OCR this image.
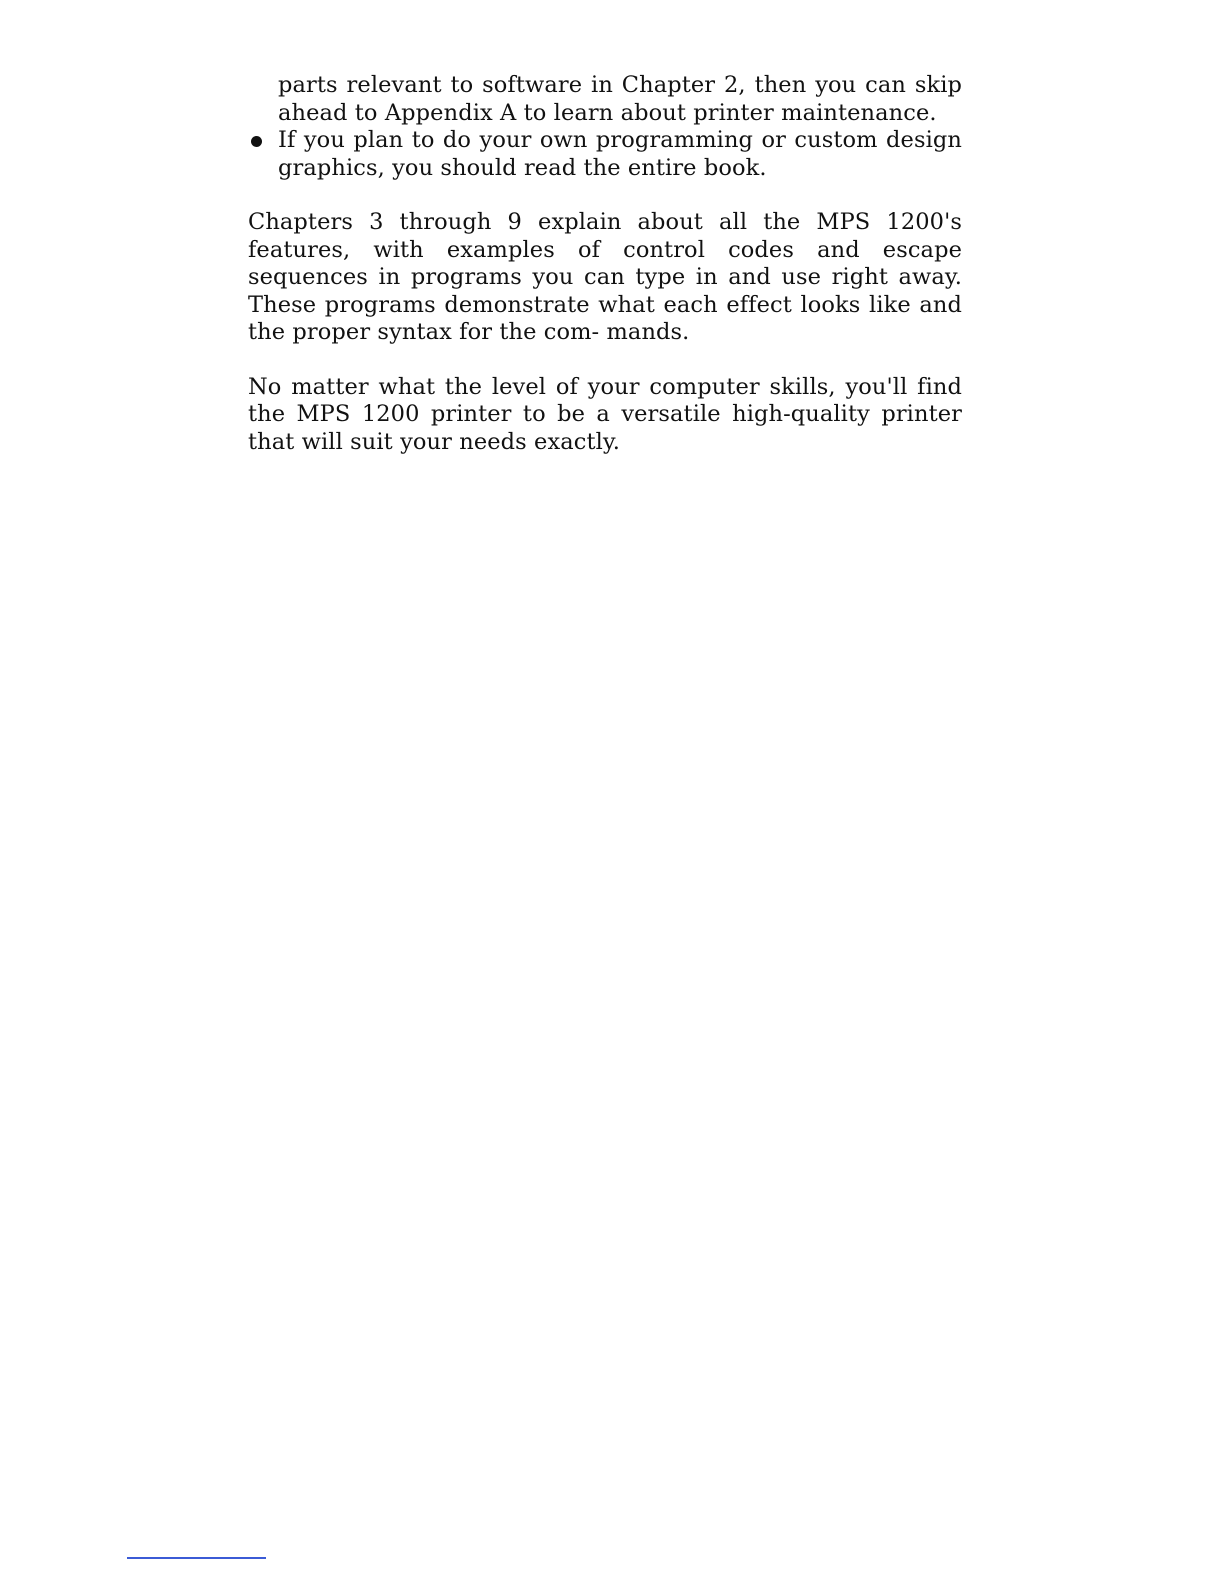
parts relevant to software in Chapter 2, then you can skip ahead to Appendix A to learn about printer maintenance.

If you plan to do your own programming or custom design graphics, you should read the entire book.

Chapters 3 through 9 explain about all the MPS 1200's features, with examples of control codes and escape sequences in programs you can type in and use right away. These programs demonstrate what each effect looks like and the proper syntax for the com- mands.

No matter what the level of your computer skills, you'll find the MPS 1200 printer to be a versatile high-quality printer that will suit your needs exactly.
